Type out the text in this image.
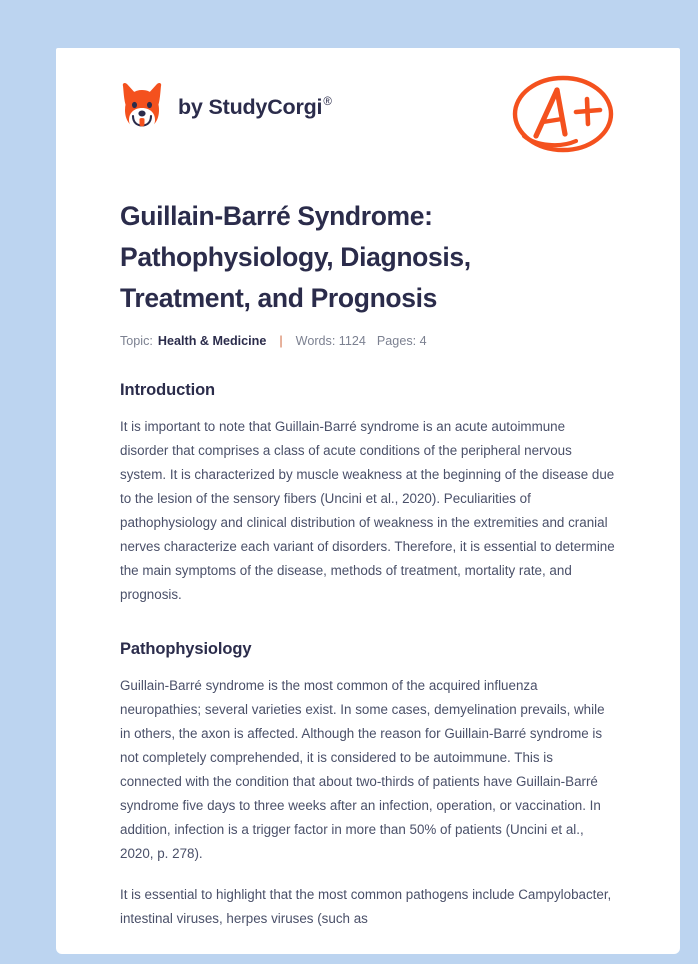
by StudyCorgi®
Guillain-Barré Syndrome: Pathophysiology, Diagnosis, Treatment, and Prognosis
Topic: Health & Medicine | Words: 1124 Pages: 4
Introduction

It is important to note that Guillain-Barré syndrome is an acute autoimmune disorder that comprises a class of acute conditions of the peripheral nervous system. It is characterized by muscle weakness at the beginning of the disease due to the lesion of the sensory fibers (Uncini et al., 2020). Peculiarities of pathophysiology and clinical distribution of weakness in the extremities and cranial nerves characterize each variant of disorders. Therefore, it is essential to determine the main symptoms of the disease, methods of treatment, mortality rate, and prognosis.

Pathophysiology

Guillain-Barré syndrome is the most common of the acquired influenza neuropathies; several varieties exist. In some cases, demyelination prevails, while in others, the axon is affected. Although the reason for Guillain-Barré syndrome is not completely comprehended, it is considered to be autoimmune. This is connected with the condition that about two-thirds of patients have Guillain-Barré syndrome five days to three weeks after an infection, operation, or vaccination. In addition, infection is a trigger factor in more than 50% of patients (Uncini et al., 2020, p. 278).

It is essential to highlight that the most common pathogens include Campylobacter, intestinal viruses, herpes viruses (such as
